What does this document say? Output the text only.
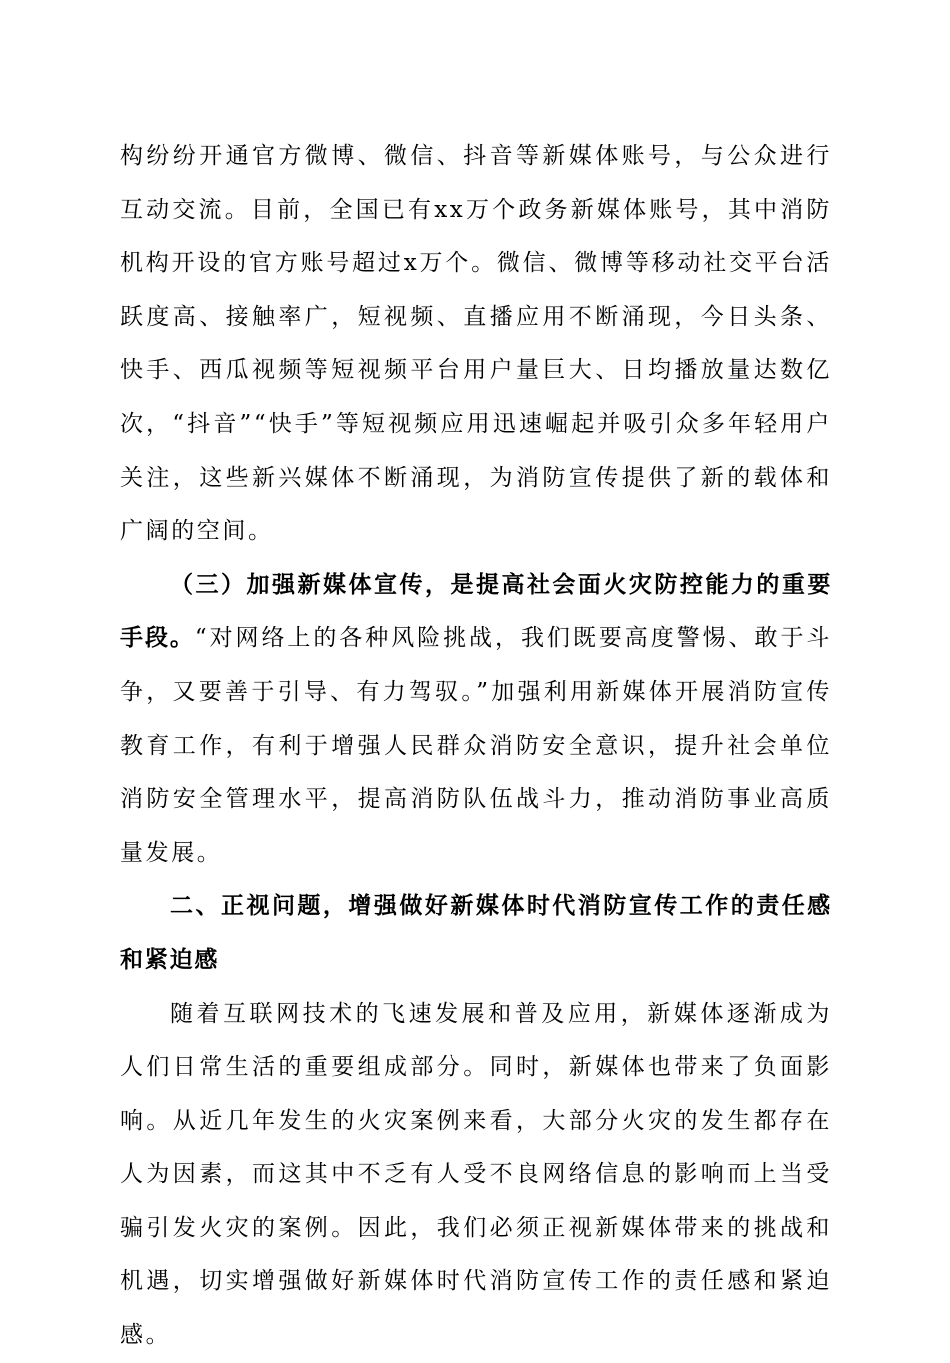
构纷纷开通官方微博、微信、抖音等新媒体账号，与公众进行互动交流。目前，全国已有xx万个政务新媒体账号，其中消防机构开设的官方账号超过x万个。微信、微博等移动社交平台活跃度高、接触率广，短视频、直播应用不断涌现，今日头条、快手、西瓜视频等短视频平台用户量巨大、日均播放量达数亿次，“抖音”“快手”等短视频应用迅速崛起并吸引众多年轻用户关注，这些新兴媒体不断涌现，为消防宣传提供了新的载体和广阔的空间。

（三）加强新媒体宣传，是提高社会面火灾防控能力的重要手段。“对网络上的各种风险挑战，我们既要高度警惕、敢于斗争，又要善于引导、有力驾驭。”加强利用新媒体开展消防宣传教育工作，有利于增强人民群众消防安全意识，提升社会单位消防安全管理水平，提高消防队伍战斗力，推动消防事业高质量发展。

二、正视问题，增强做好新媒体时代消防宣传工作的责任感和紧迫感

随着互联网技术的飞速发展和普及应用，新媒体逐渐成为人们日常生活的重要组成部分。同时，新媒体也带来了负面影响。从近几年发生的火灾案例来看，大部分火灾的发生都存在人为因素，而这其中不乏有人受不良网络信息的影响而上当受骗引发火灾的案例。因此，我们必须正视新媒体带来的挑战和机遇，切实增强做好新媒体时代消防宣传工作的责任感和紧迫感。
